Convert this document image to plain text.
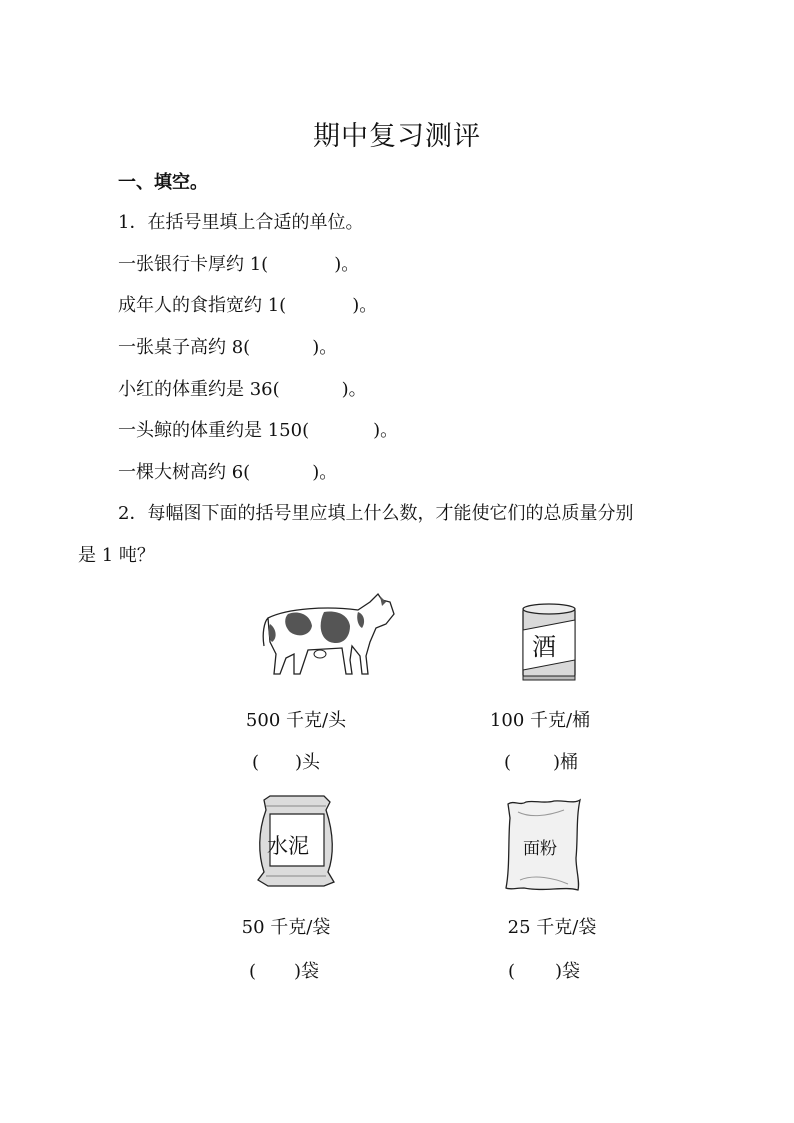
期中复习测评
一、填空。
1．在括号里填上合适的单位。
一张银行卡厚约 1(	)。
成年人的食指宽约 1(	)。
一张桌子高约 8(	)。
小红的体重约是 36(	)。
一头鲸的体重约是 150(	)。
一棵大树高约 6(	)。
2．每幅图下面的括号里应填上什么数，才能使它们的总质量分别
是 1 吨？
酒
水泥	面粉
500 千克/头	100 千克/桶
50 千克/袋	25 千克/袋
( )头	( )桶
( )袋	( )袋
